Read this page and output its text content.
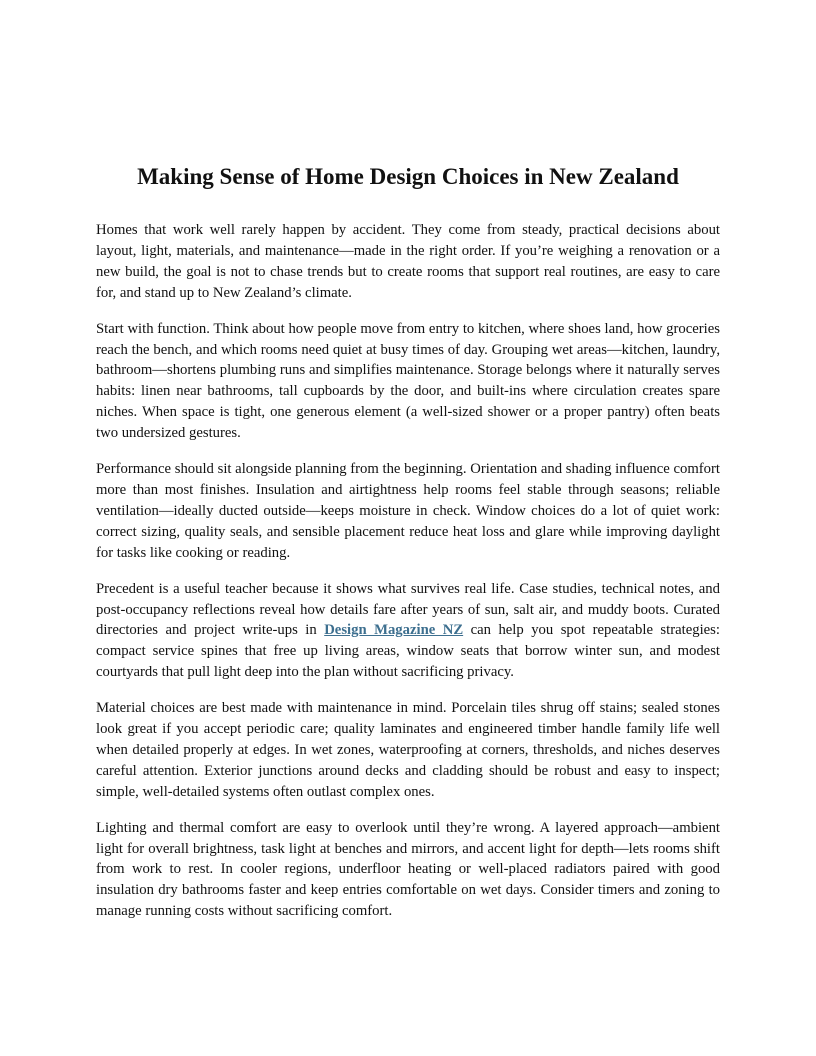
Making Sense of Home Design Choices in New Zealand

Homes that work well rarely happen by accident. They come from steady, practical decisions about layout, light, materials, and maintenance—made in the right order. If you’re weighing a renovation or a new build, the goal is not to chase trends but to create rooms that support real routines, are easy to care for, and stand up to New Zealand’s climate.

Start with function. Think about how people move from entry to kitchen, where shoes land, how groceries reach the bench, and which rooms need quiet at busy times of day. Grouping wet areas—kitchen, laundry, bathroom—shortens plumbing runs and simplifies maintenance. Storage belongs where it naturally serves habits: linen near bathrooms, tall cupboards by the door, and built-ins where circulation creates spare niches. When space is tight, one generous element (a well-sized shower or a proper pantry) often beats two undersized gestures.

Performance should sit alongside planning from the beginning. Orientation and shading influence comfort more than most finishes. Insulation and airtightness help rooms feel stable through seasons; reliable ventilation—ideally ducted outside—keeps moisture in check. Window choices do a lot of quiet work: correct sizing, quality seals, and sensible placement reduce heat loss and glare while improving daylight for tasks like cooking or reading.

Precedent is a useful teacher because it shows what survives real life. Case studies, technical notes, and post-occupancy reflections reveal how details fare after years of sun, salt air, and muddy boots. Curated directories and project write-ups in Design Magazine NZ can help you spot repeatable strategies: compact service spines that free up living areas, window seats that borrow winter sun, and modest courtyards that pull light deep into the plan without sacrificing privacy.

Material choices are best made with maintenance in mind. Porcelain tiles shrug off stains; sealed stones look great if you accept periodic care; quality laminates and engineered timber handle family life well when detailed properly at edges. In wet zones, waterproofing at corners, thresholds, and niches deserves careful attention. Exterior junctions around decks and cladding should be robust and easy to inspect; simple, well-detailed systems often outlast complex ones.

Lighting and thermal comfort are easy to overlook until they’re wrong. A layered approach—ambient light for overall brightness, task light at benches and mirrors, and accent light for depth—lets rooms shift from work to rest. In cooler regions, underfloor heating or well-placed radiators paired with good insulation dry bathrooms faster and keep entries comfortable on wet days. Consider timers and zoning to manage running costs without sacrificing comfort.
